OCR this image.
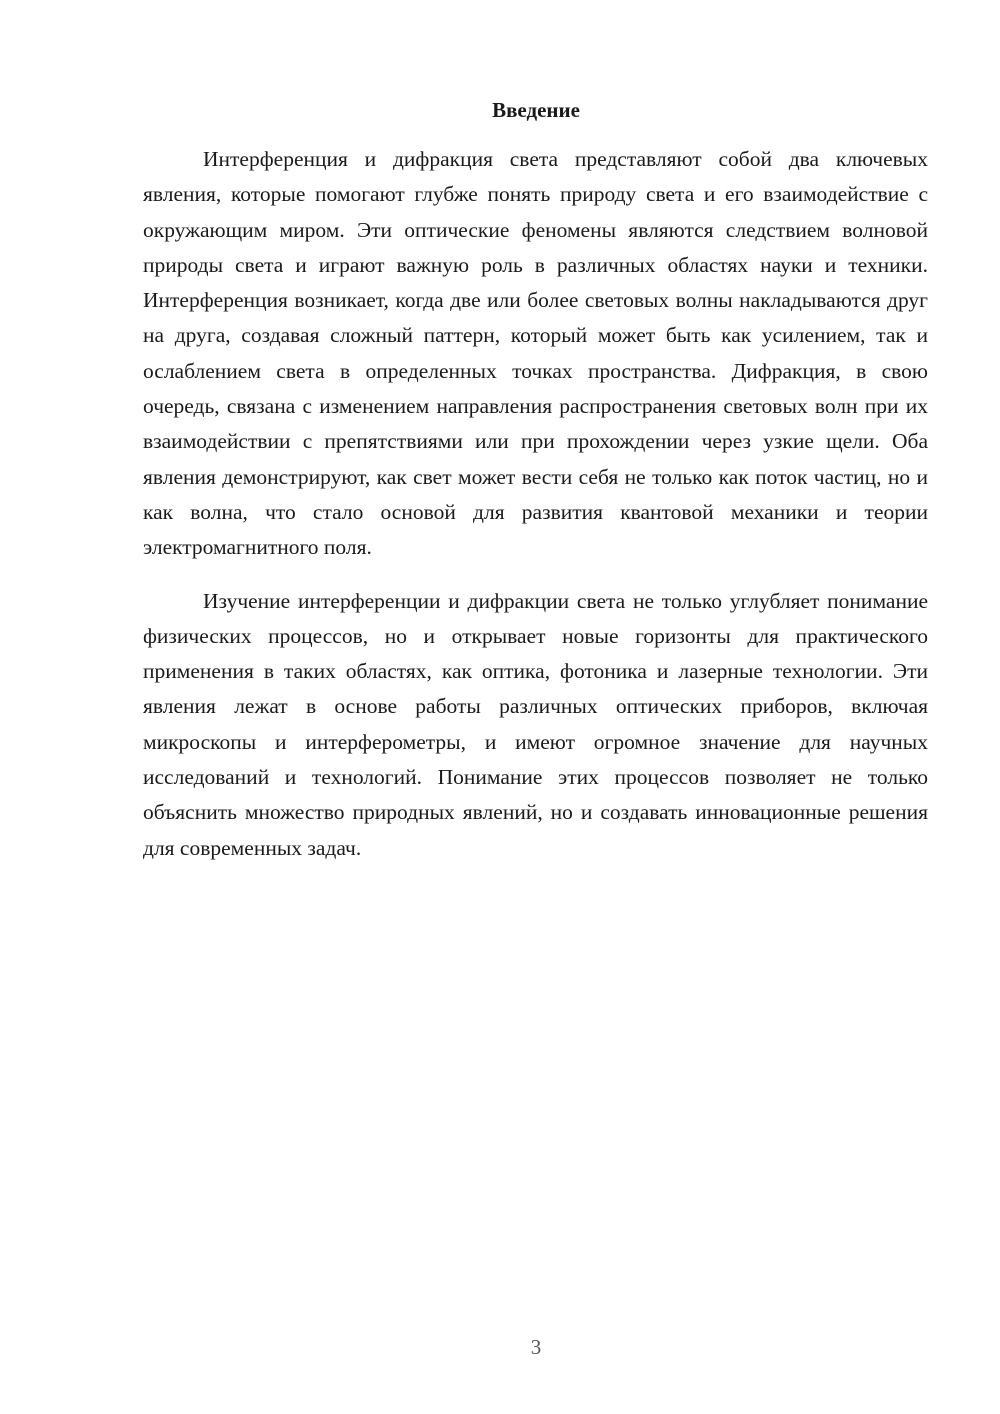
Введение

Интерференция и дифракция света представляют собой два ключевых явления, которые помогают глубже понять природу света и его взаимодействие с окружающим миром. Эти оптические феномены являются следствием волновой природы света и играют важную роль в различных областях науки и техники. Интерференция возникает, когда две или более световых волны накладываются друг на друга, создавая сложный паттерн, который может быть как усилением, так и ослаблением света в определенных точках пространства. Дифракция, в свою очередь, связана с изменением направления распространения световых волн при их взаимодействии с препятствиями или при прохождении через узкие щели. Оба явления демонстрируют, как свет может вести себя не только как поток частиц, но и как волна, что стало основой для развития квантовой механики и теории электромагнитного поля.

Изучение интерференции и дифракции света не только углубляет понимание физических процессов, но и открывает новые горизонты для практического применения в таких областях, как оптика, фотоника и лазерные технологии. Эти явления лежат в основе работы различных оптических приборов, включая микроскопы и интерферометры, и имеют огромное значение для научных исследований и технологий. Понимание этих процессов позволяет не только объяснить множество природных явлений, но и создавать инновационные решения для современных задач.

3
